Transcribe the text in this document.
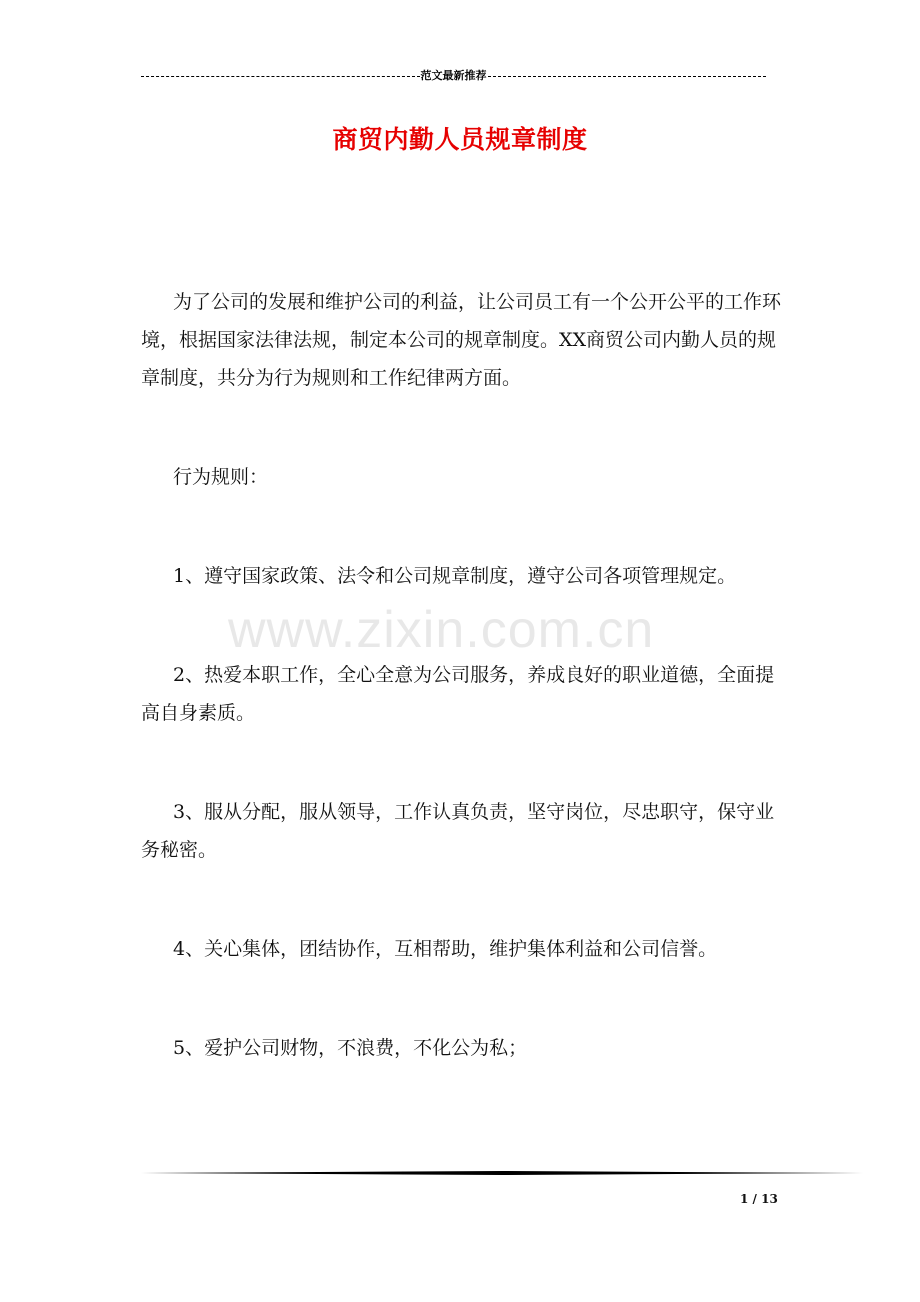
范文最新推荐
商贸内勤人员规章制度

为了公司的发展和维护公司的利益，让公司员工有一个公开公平的工作环境，根据国家法律法规，制定本公司的规章制度。XX商贸公司内勤人员的规章制度，共分为行为规则和工作纪律两方面。

行为规则：

1、遵守国家政策、法令和公司规章制度，遵守公司各项管理规定。

2、热爱本职工作，全心全意为公司服务，养成良好的职业道德，全面提高自身素质。

3、服从分配，服从领导，工作认真负责，坚守岗位，尽忠职守，保守业务秘密。

4、关心集体，团结协作，互相帮助，维护集体利益和公司信誉。

5、爱护公司财物，不浪费，不化公为私；

www.zixin.com.cn
1 / 13
